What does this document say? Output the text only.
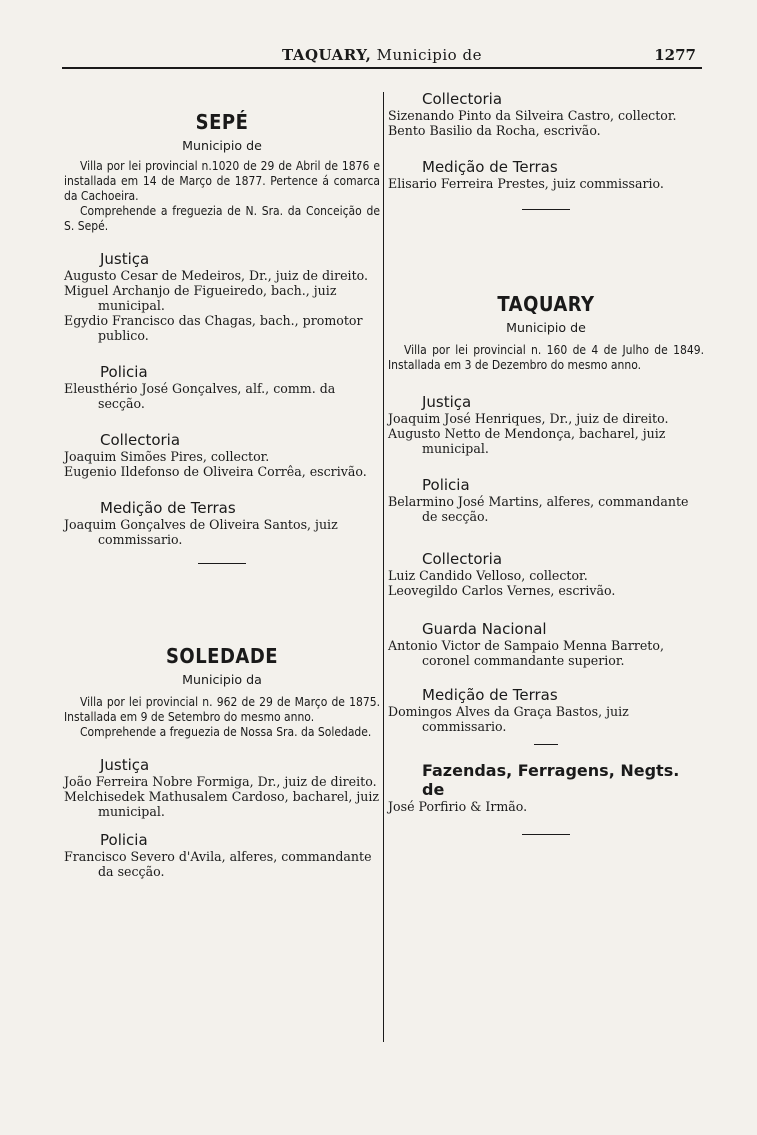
TAQUARY, Municipio de	1277
SEPÉ
Municipio de
Villa por lei provincial n.1020 de 29 de Abril de 1876 e installada em 14 de Março de 1877. Pertence á comarca da Cachoeira.
Comprehende a freguezia de N. Sra. da Conceição de S. Sepé.
Justiça
Augusto Cesar de Medeiros, Dr., juiz de direito.
Miguel Archanjo de Figueiredo, bach., juiz municipal.
Egydio Francisco das Chagas, bach., promotor publico.
Policia
Eleusthério José Gonçalves, alf., comm. da secção.
Collectoria
Joaquim Simões Pires, collector.
Eugenio Ildefonso de Oliveira Corrêa, escrivão.
Medição de Terras
Joaquim Gonçalves de Oliveira Santos, juiz commissario.
SOLEDADE
Municipio da
Villa por lei provincial n. 962 de 29 de Março de 1875. Installada em 9 de Setembro do mesmo anno.
Comprehende a freguezia de Nossa Sra. da Soledade.
Justiça
João Ferreira Nobre Formiga, Dr., juiz de direito.
Melchisedek Mathusalem Cardoso, bacharel, juiz municipal.
Policia
Francisco Severo d'Avila, alferes, commandante da secção.
Collectoria
Sizenando Pinto da Silveira Castro, collector.
Bento Basilio da Rocha, escrivão.
Medição de Terras
Elisario Ferreira Prestes, juiz commissario.
TAQUARY
Municipio de
Villa por lei provincial n. 160 de 4 de Julho de 1849. Installada em 3 de Dezembro do mesmo anno.
Justiça
Joaquim José Henriques, Dr., juiz de direito.
Augusto Netto de Mendonça, bacharel, juiz municipal.
Policia
Belarmino José Martins, alferes, commandante de secção.
Collectoria
Luiz Candido Velloso, collector.
Leovegildo Carlos Vernes, escrivão.
Guarda Nacional
Antonio Victor de Sampaio Menna Barreto, coronel commandante superior.
Medição de Terras
Domingos Alves da Graça Bastos, juiz commissario.
Fazendas, Ferragens, Negts. de
José Porfirio & Irmão.
